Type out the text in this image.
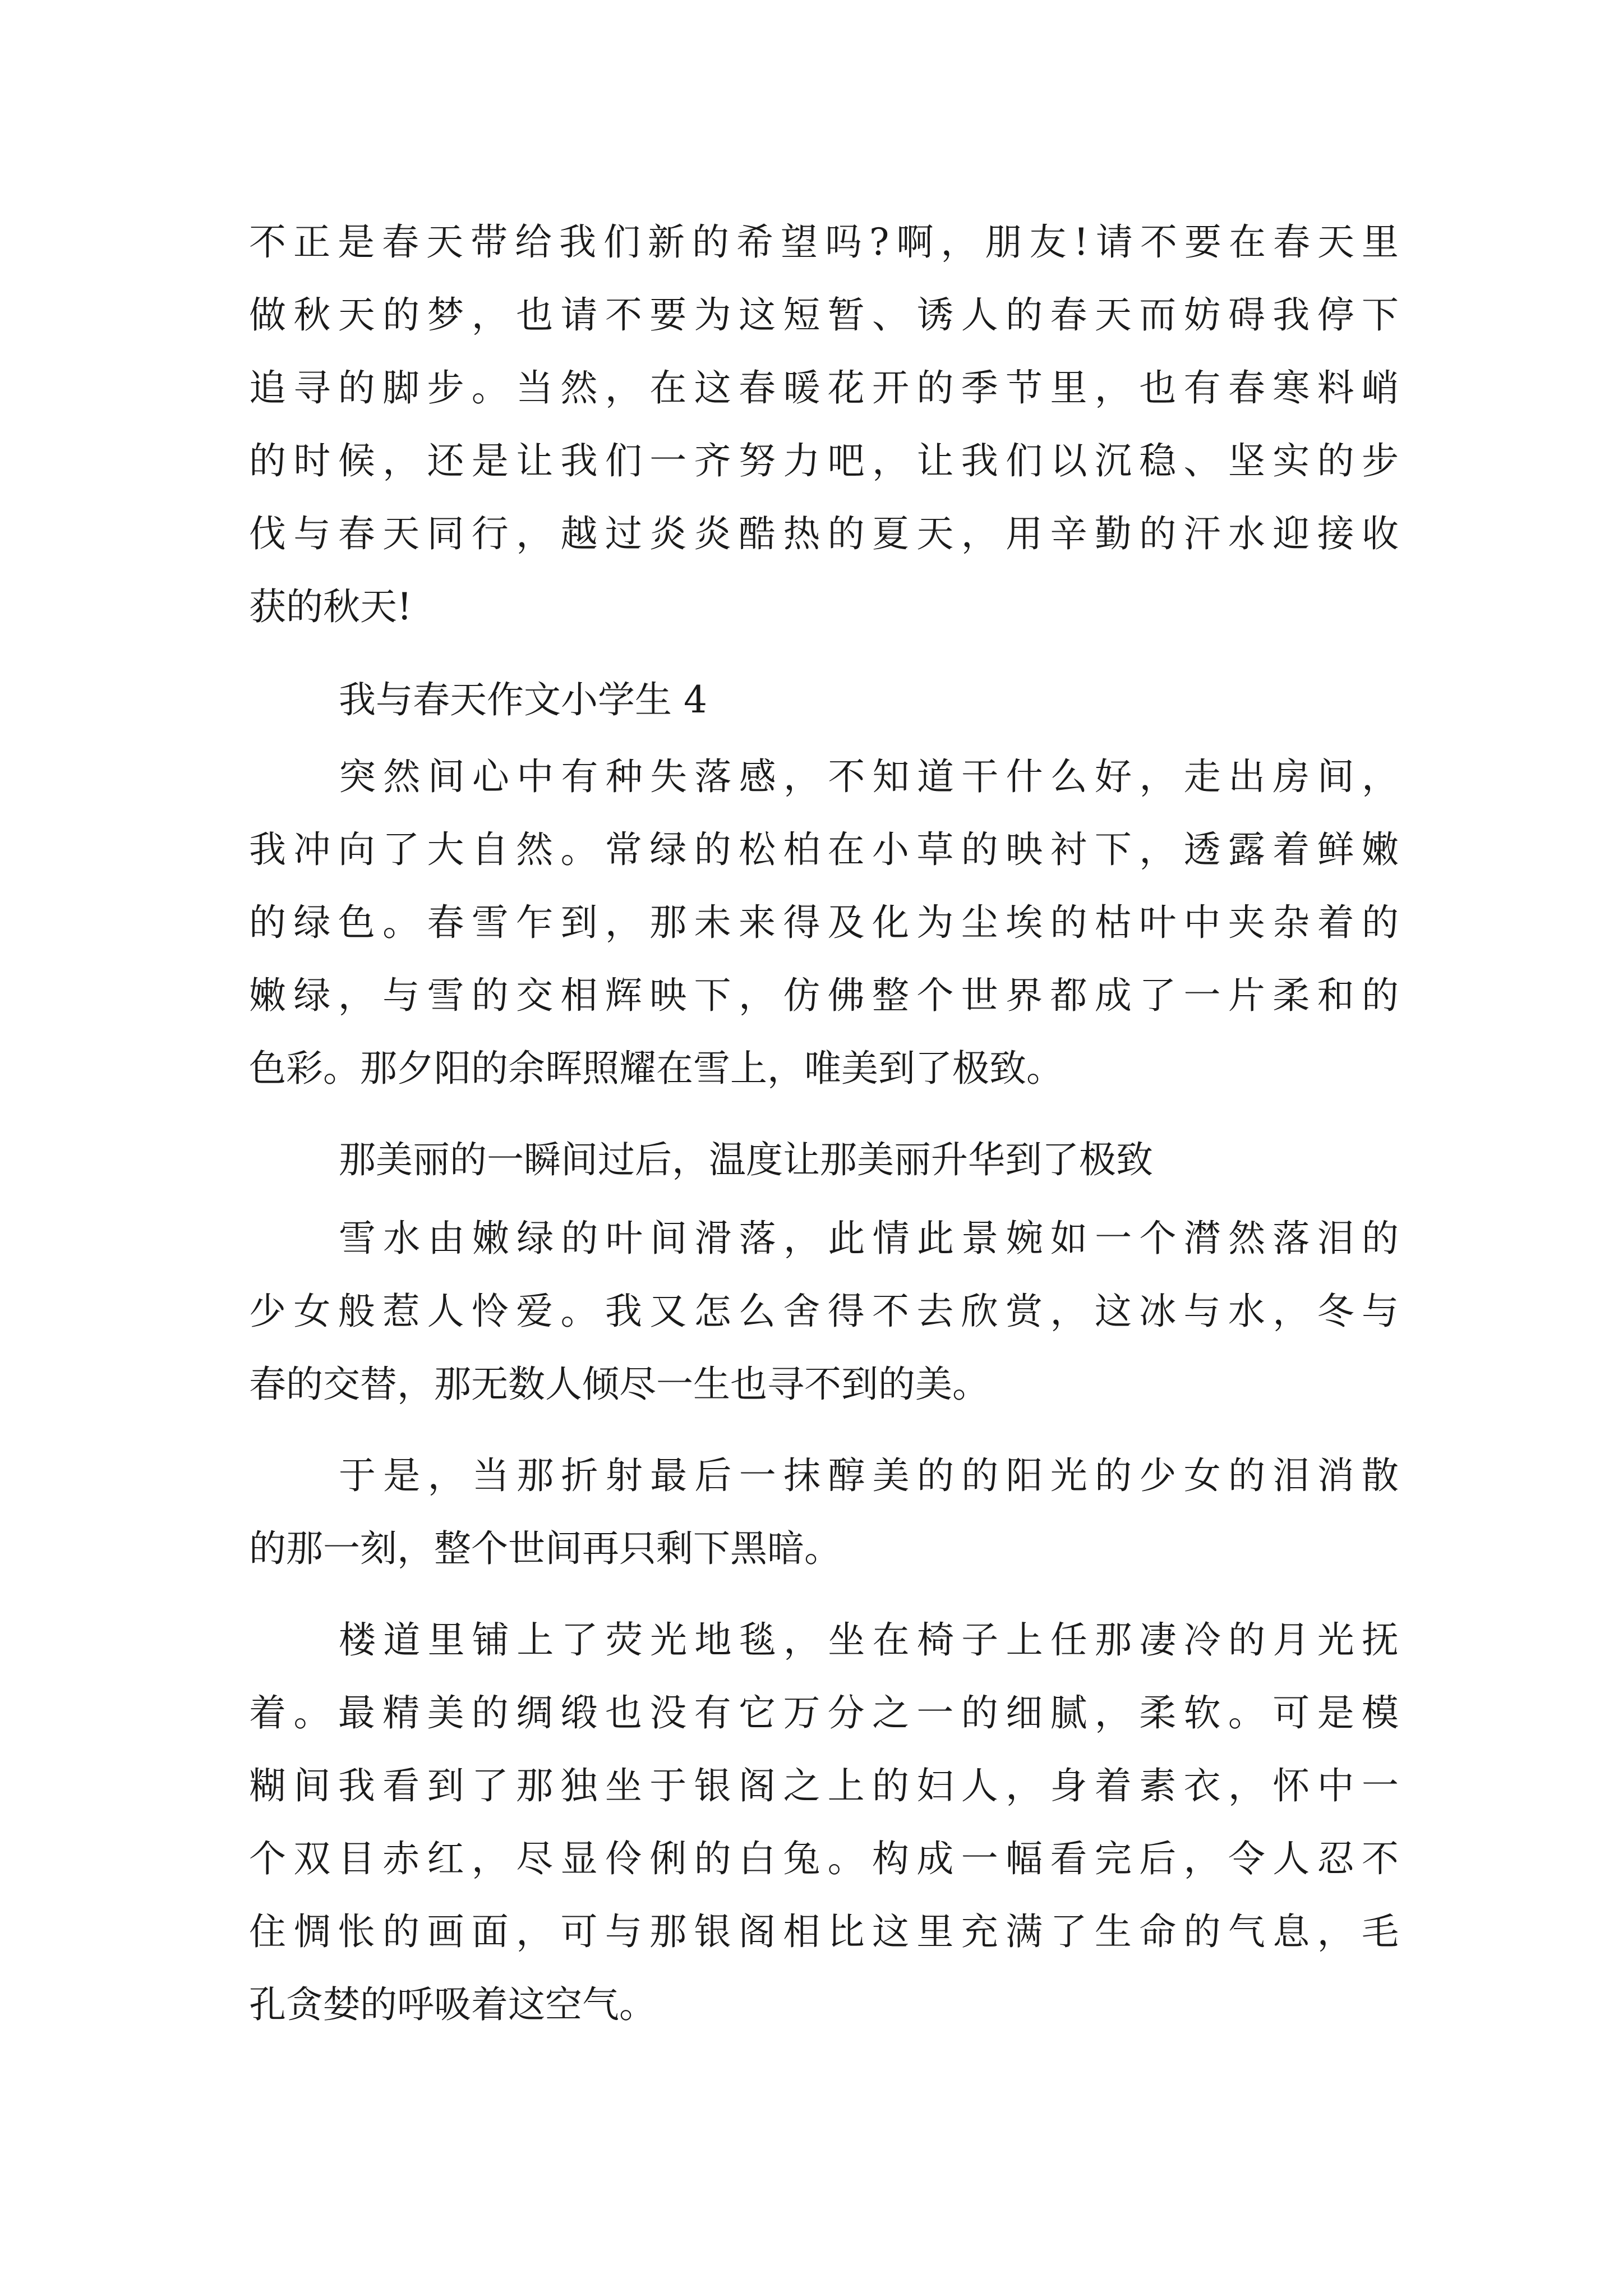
不正是春天带给我们新的希望吗?啊，朋友!请不要在春天里
做秋天的梦，也请不要为这短暂、诱人的春天而妨碍我停下
追寻的脚步。当然，在这春暖花开的季节里，也有春寒料峭
的时候，还是让我们一齐努力吧，让我们以沉稳、坚实的步
伐与春天同行，越过炎炎酷热的夏天，用辛勤的汗水迎接收
获的秋天!
我与春天作文小学生 4
突然间心中有种失落感，不知道干什么好，走出房间，
我冲向了大自然。常绿的松柏在小草的映衬下，透露着鲜嫩
的绿色。春雪乍到，那未来得及化为尘埃的枯叶中夹杂着的
嫩绿，与雪的交相辉映下，仿佛整个世界都成了一片柔和的
色彩。那夕阳的余晖照耀在雪上，唯美到了极致。
那美丽的一瞬间过后，温度让那美丽升华到了极致
雪水由嫩绿的叶间滑落，此情此景婉如一个潸然落泪的
少女般惹人怜爱。我又怎么舍得不去欣赏，这冰与水，冬与
春的交替，那无数人倾尽一生也寻不到的美。
于是，当那折射最后一抹醇美的的阳光的少女的泪消散
的那一刻，整个世间再只剩下黑暗。
楼道里铺上了荧光地毯，坐在椅子上任那凄冷的月光抚
着。最精美的绸缎也没有它万分之一的细腻，柔软。可是模
糊间我看到了那独坐于银阁之上的妇人，身着素衣，怀中一
个双目赤红，尽显伶俐的白兔。构成一幅看完后，令人忍不
住惆怅的画面，可与那银阁相比这里充满了生命的气息，毛
孔贪婪的呼吸着这空气。
